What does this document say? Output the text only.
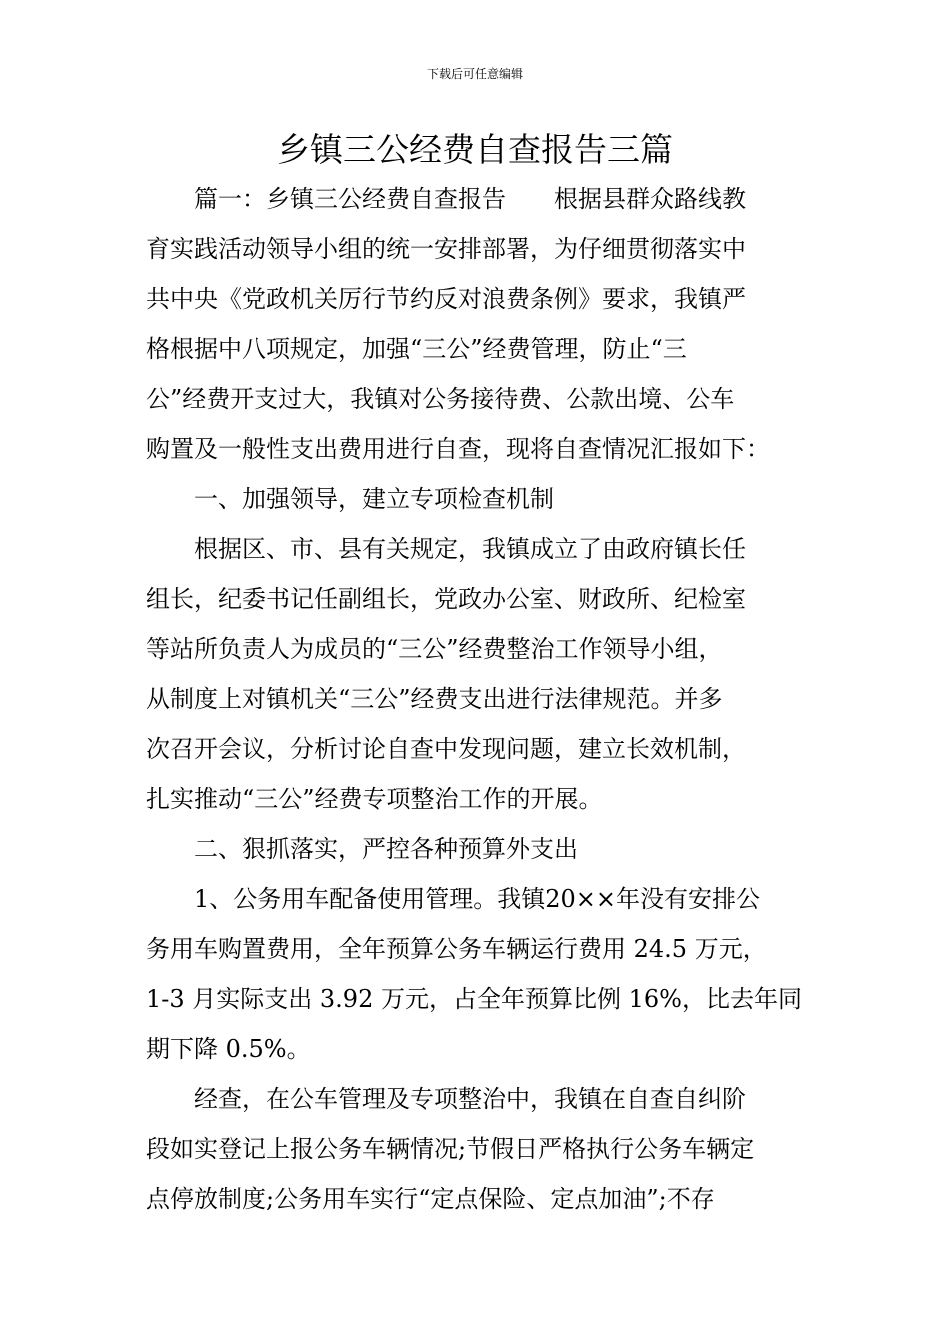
下载后可任意编辑
乡镇三公经费自查报告三篇

　　篇一：乡镇三公经费自查报告　　根据县群众路线教

育实践活动领导小组的统一安排部署，为仔细贯彻落实中

共中央《党政机关厉行节约反对浪费条例》要求，我镇严

格根据中八项规定，加强“三公”经费管理，防止“三

公”经费开支过大，我镇对公务接待费、公款出境、公车

购置及一般性支出费用进行自查，现将自查情况汇报如下：

　　一、加强领导，建立专项检查机制

　　根据区、市、县有关规定，我镇成立了由政府镇长任

组长，纪委书记任副组长，党政办公室、财政所、纪检室

等站所负责人为成员的“三公”经费整治工作领导小组，

从制度上对镇机关“三公”经费支出进行法律规范。并多

次召开会议，分析讨论自查中发现问题，建立长效机制，

扎实推动“三公”经费专项整治工作的开展。

　　二、狠抓落实，严控各种预算外支出

　　1、公务用车配备使用管理。我镇20××年没有安排公

务用车购置费用，全年预算公务车辆运行费用 24.5 万元，

1-3 月实际支出 3.92 万元，占全年预算比例 16%，比去年同

期下降 0.5%。

　　经查，在公车管理及专项整治中，我镇在自查自纠阶

段如实登记上报公务车辆情况;节假日严格执行公务车辆定

点停放制度;公务用车实行“定点保险、定点加油”;不存
